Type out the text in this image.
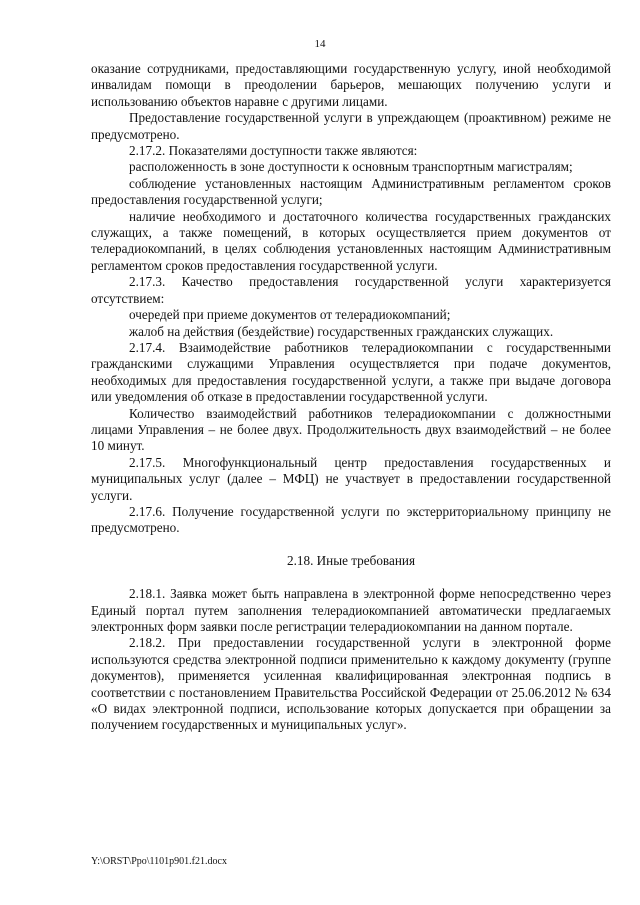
14

оказание сотрудниками, предоставляющими государственную услугу, иной необходимой инвалидам помощи в преодолении барьеров, мешающих получению услуги и использованию объектов наравне с другими лицами.

Предоставление государственной услуги в упреждающем (проактивном) режиме не предусмотрено.

2.17.2. Показателями доступности также являются:

расположенность в зоне доступности к основным транспортным магистралям;

соблюдение установленных настоящим Административным регламентом сроков предоставления государственной услуги;

наличие необходимого и достаточного количества государственных гражданских служащих, а также помещений, в которых осуществляется прием документов от телерадиокомпаний, в целях соблюдения установленных настоящим Административным регламентом сроков предоставления государственной услуги.

2.17.3. Качество предоставления государственной услуги характеризуется отсутствием:

очередей при приеме документов от телерадиокомпаний;

жалоб на действия (бездействие) государственных гражданских служащих.

2.17.4. Взаимодействие работников телерадиокомпании с государственными гражданскими служащими Управления осуществляется при подаче документов, необходимых для предоставления государственной услуги, а также при выдаче договора или уведомления об отказе в предоставлении государственной услуги.

Количество взаимодействий работников телерадиокомпании с должностными лицами Управления – не более двух. Продолжительность двух взаимодействий – не более 10 минут.

2.17.5. Многофункциональный центр предоставления государственных и муниципальных услуг (далее – МФЦ) не участвует в предоставлении государственной услуги.

2.17.6. Получение государственной услуги по экстерриториальному принципу не предусмотрено.

2.18. Иные требования

2.18.1. Заявка может быть направлена в электронной форме непосредственно через Единый портал путем заполнения телерадиокомпанией автоматически предлагаемых электронных форм заявки после регистрации телерадиокомпании на данном портале.

2.18.2. При предоставлении государственной услуги в электронной форме используются средства электронной подписи применительно к каждому документу (группе документов), применяется усиленная квалифицированная электронная подпись в соответствии с постановлением Правительства Российской Федерации от 25.06.2012 № 634 «О видах электронной подписи, использование которых допускается при обращении за получением государственных и муниципальных услуг».

Y:\ORST\Ppo\1101p901.f21.docx
